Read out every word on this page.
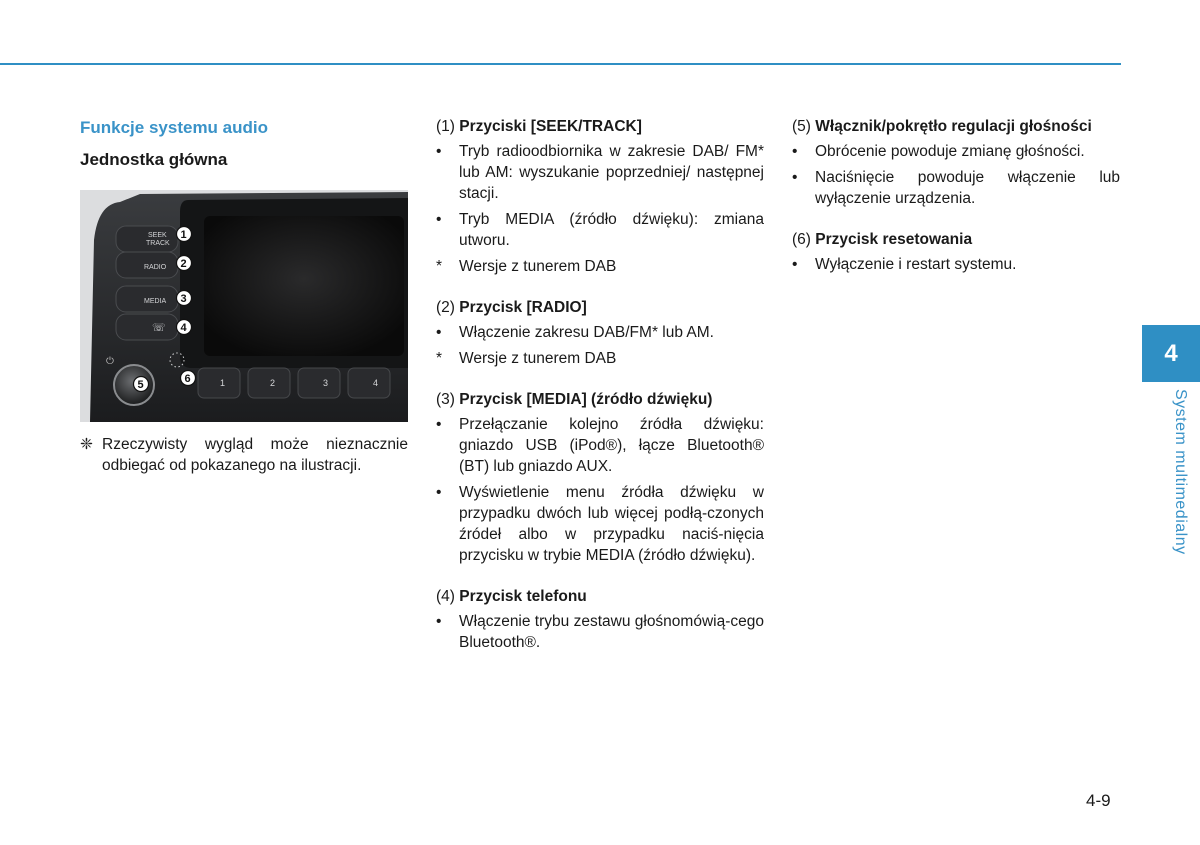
Funkcje systemu audio
Jednostka główna
SEEK
TRACK
RADIO
MEDIA
☏
⏻
1	2	3	4
1
2
3
4
5	6
❈ Rzeczywisty wygląd może nieznacznie odbiegać od pokazanego na ilustracji.

(1) Przyciski [SEEK/TRACK]

•	Tryb radioodbiornika w zakresie DAB/ FM* lub AM: wyszukanie poprzedniej/ następnej stacji.
•	Tryb MEDIA (źródło dźwięku): zmiana utworu.
*	Wersje z tunerem DAB

(2) Przycisk [RADIO]

•	Włączenie zakresu DAB/FM* lub AM.
*	Wersje z tunerem DAB

(3) Przycisk [MEDIA] (źródło dźwięku)

•	Przełączanie kolejno źródła dźwięku: gniazdo USB (iPod®), łącze Bluetooth® (BT) lub gniazdo AUX.
•	Wyświetlenie menu źródła dźwięku w przypadku dwóch lub więcej podłą-czonych źródeł albo w przypadku naciś-nięcia przycisku w trybie MEDIA (źródło dźwięku).

(4) Przycisk telefonu

•	Włączenie trybu zestawu głośnomówią-cego Bluetooth®.

(5) Włącznik/pokrętło regulacji głośności

•	Obrócenie powoduje zmianę głośności.
•	Naciśnięcie powoduje włączenie lub wyłączenie urządzenia.

(6) Przycisk resetowania

•	Wyłączenie i restart systemu.
4
System multimedialny
4-9
